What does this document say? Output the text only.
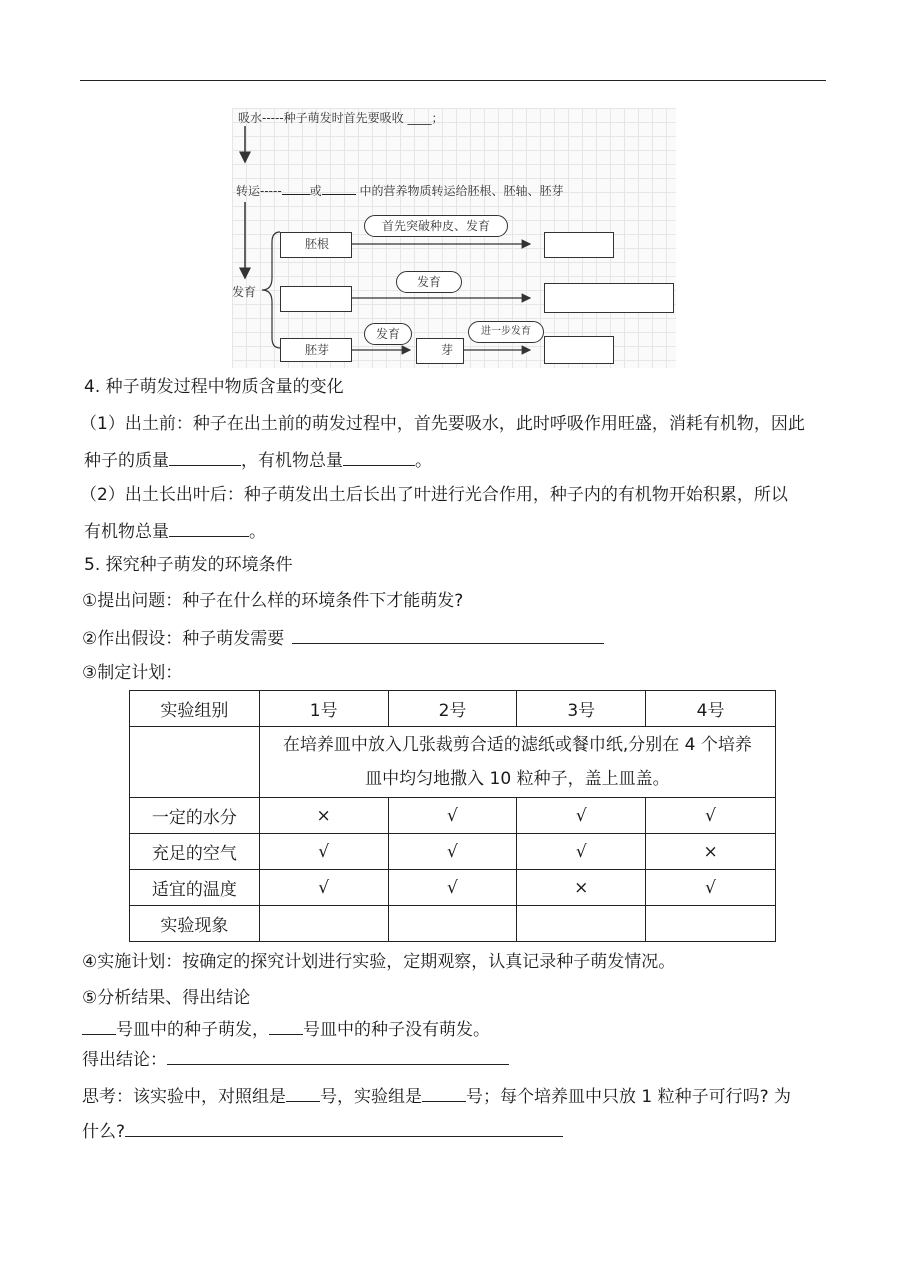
吸水-----种子萌发时首先要吸收 ____；
转运----- 或	中的营养物质转运给胚根、胚轴、胚芽
发育
胚根
首先突破种皮、发育
发育
胚芽
发育
芽
进一步发育
4. 种子萌发过程中物质含量的变化
（1）出土前：种子在出土前的萌发过程中，首先要吸水，此时呼吸作用旺盛，消耗有机物，因此
种子的质量	，有机物总量	。
（2）出土长出叶后：种子萌发出土后长出了叶进行光合作用，种子内的有机物开始积累，所以
有机物总量	。
5. 探究种子萌发的环境条件
①提出问题：种子在什么样的环境条件下才能萌发?
②作出假设：种子萌发需要
③制定计划：
实验组别	1号	2号	3号	4号

	在培养皿中放入几张裁剪合适的滤纸或餐巾纸,分别在 4 个培养
皿中均匀地撒入 10 粒种子，盖上皿盖。			

一定的水分	×	√	√	√
充足的空气	√	√	√	×
适宜的温度	√	√	×	√
实验现象				
④实施计划：按确定的探究计划进行实验，定期观察，认真记录种子萌发情况。
⑤分析结果、得出结论
号皿中的种子萌发， 号皿中的种子没有萌发。
得出结论：
思考：该实验中，对照组是 号，实验组是	号；每个培养皿中只放 1 粒种子可行吗? 为
什么?
